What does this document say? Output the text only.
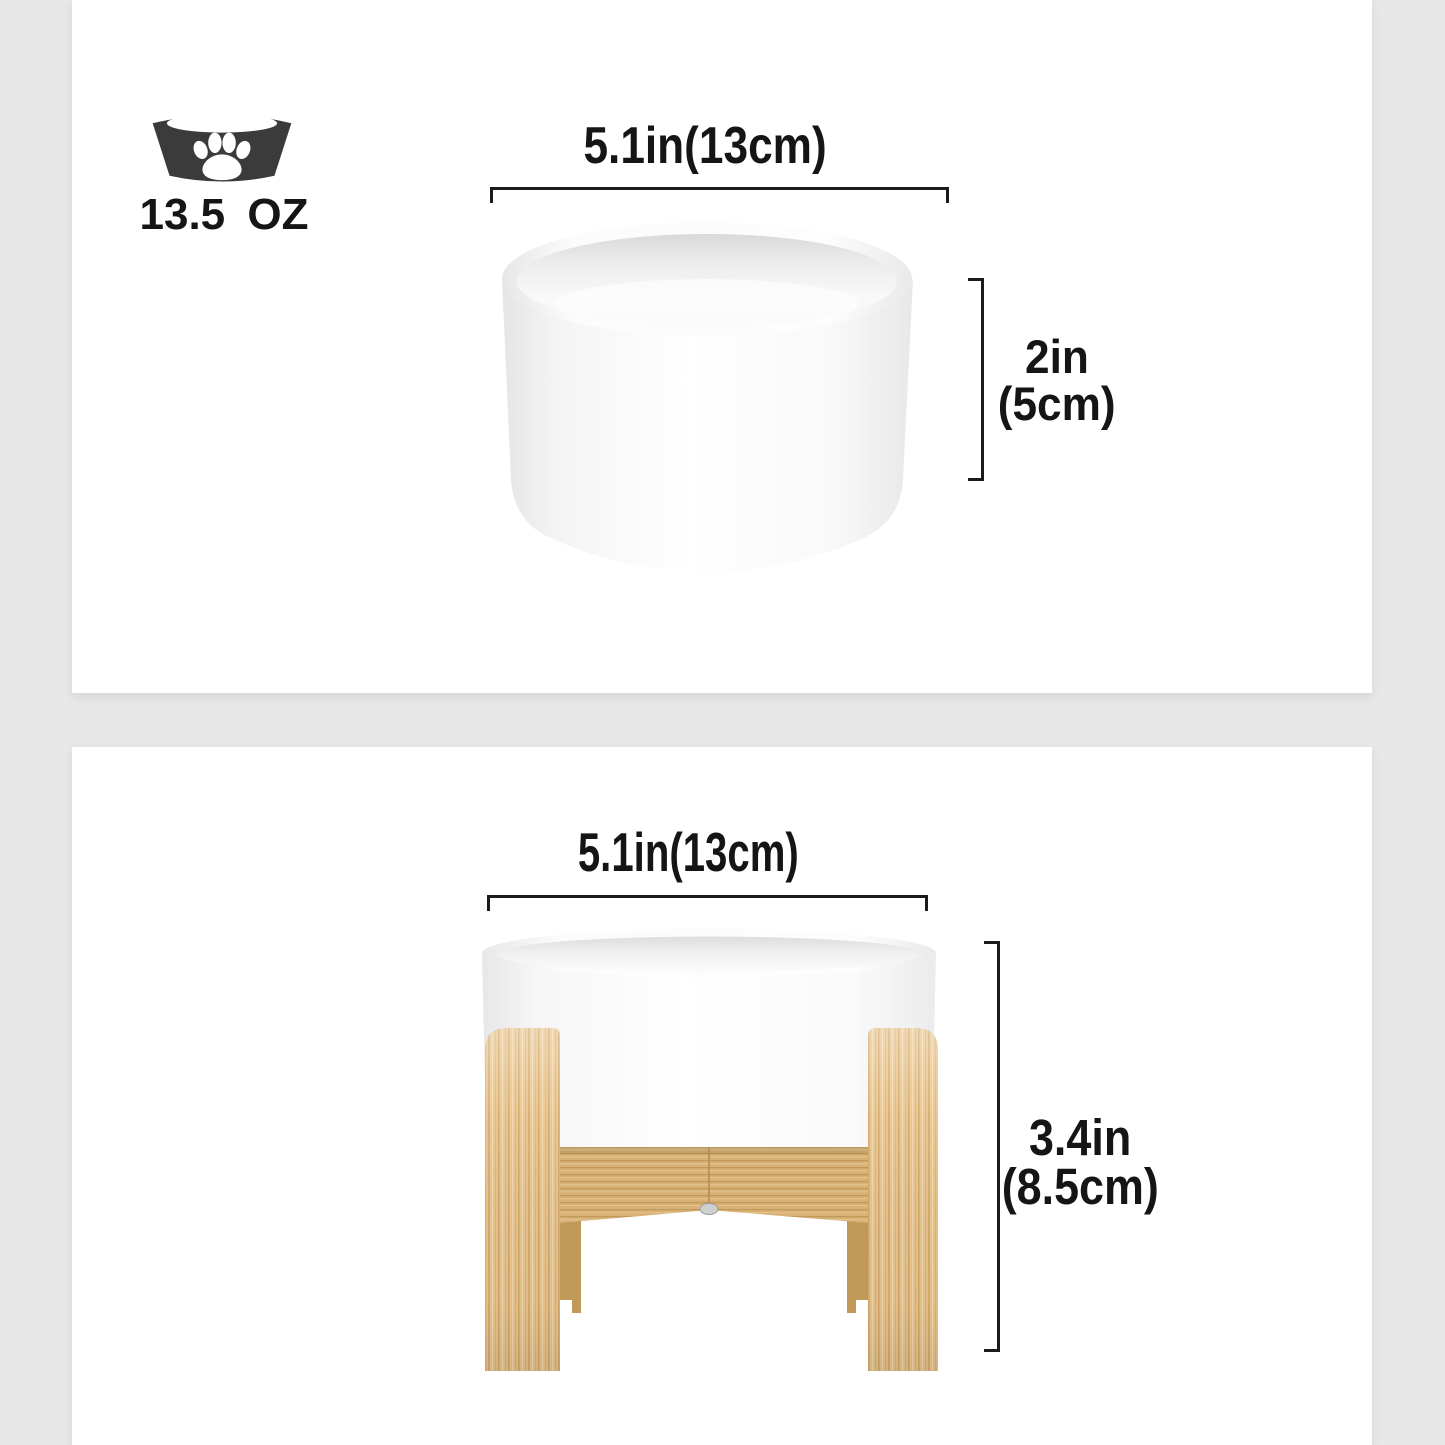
13.5 OZ
5.1in(13cm)
2in
(5cm)
5.1in(13cm)
3.4in
(8.5cm)
